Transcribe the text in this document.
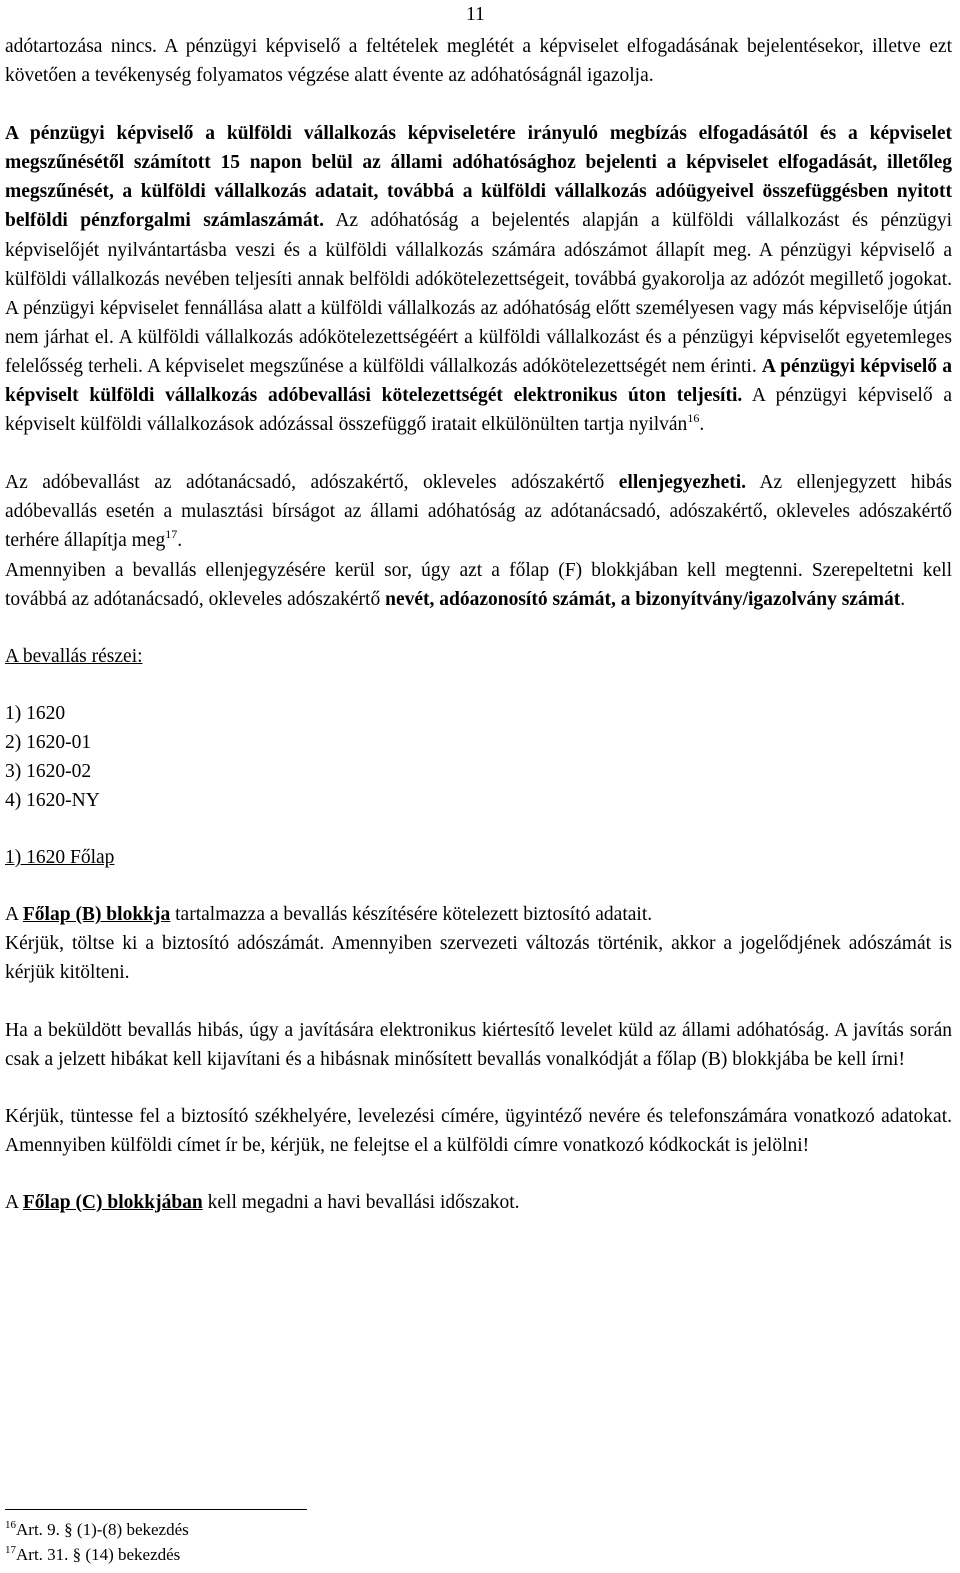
11

adótartozása nincs. A pénzügyi képviselő a feltételek meglétét a képviselet elfogadásának bejelentésekor, illetve ezt követően a tevékenység folyamatos végzése alatt évente az adóhatóságnál igazolja.

A pénzügyi képviselő a külföldi vállalkozás képviseletére irányuló megbízás elfogadásától és a képviselet megszűnésétől számított 15 napon belül az állami adóhatósághoz bejelenti a képviselet elfogadását, illetőleg megszűnését, a külföldi vállalkozás adatait, továbbá a külföldi vállalkozás adóügyeivel összefüggésben nyitott belföldi pénzforgalmi számlaszámát. Az adóhatóság a bejelentés alapján a külföldi vállalkozást és pénzügyi képviselőjét nyilvántartásba veszi és a külföldi vállalkozás számára adószámot állapít meg. A pénzügyi képviselő a külföldi vállalkozás nevében teljesíti annak belföldi adókötelezettségeit, továbbá gyakorolja az adózót megillető jogokat. A pénzügyi képviselet fennállása alatt a külföldi vállalkozás az adóhatóság előtt személyesen vagy más képviselője útján nem járhat el. A külföldi vállalkozás adókötelezettségéért a külföldi vállalkozást és a pénzügyi képviselőt egyetemleges felelősség terheli. A képviselet megszűnése a külföldi vállalkozás adókötelezettségét nem érinti. A pénzügyi képviselő a képviselt külföldi vállalkozás adóbevallási kötelezettségét elektronikus úton teljesíti. A pénzügyi képviselő a képviselt külföldi vállalkozások adózással összefüggő iratait elkülönülten tartja nyilván$^{16}$.

Az adóbevallást az adótanácsadó, adószakértő, okleveles adószakértő ellenjegyezheti. Az ellenjegyzett hibás adóbevallás esetén a mulasztási bírságot az állami adóhatóság az adótanácsadó, adószakértő, okleveles adószakértő terhére állapítja meg$^{17}$.

Amennyiben a bevallás ellenjegyzésére kerül sor, úgy azt a főlap (F) blokkjában kell megtenni. Szerepeltetni kell továbbá az adótanácsadó, okleveles adószakértő nevét, adóazonosító számát, a bizonyítvány/igazolvány számát.

A bevallás részei:

1) 1620

2) 1620-01

3) 1620-02

4) 1620-NY

1) 1620 Főlap

A Főlap (B) blokkja tartalmazza a bevallás készítésére kötelezett biztosító adatait.

Kérjük, töltse ki a biztosító adószámát. Amennyiben szervezeti változás történik, akkor a jogelődjének adószámát is kérjük kitölteni.

Ha a beküldött bevallás hibás, úgy a javítására elektronikus kiértesítő levelet küld az állami adóhatóság. A javítás során csak a jelzett hibákat kell kijavítani és a hibásnak minősített bevallás vonalkódját a főlap (B) blokkjába be kell írni!

Kérjük, tüntesse fel a biztosító székhelyére, levelezési címére, ügyintéző nevére és telefonszámára vonatkozó adatokat. Amennyiben külföldi címet ír be, kérjük, ne felejtse el a külföldi címre vonatkozó kódkockát is jelölni!

A Főlap (C) blokkjában kell megadni a havi bevallási időszakot.

$^{16}$Art. 9. § (1)-(8) bekezdés
$^{17}$Art. 31. § (14) bekezdés
